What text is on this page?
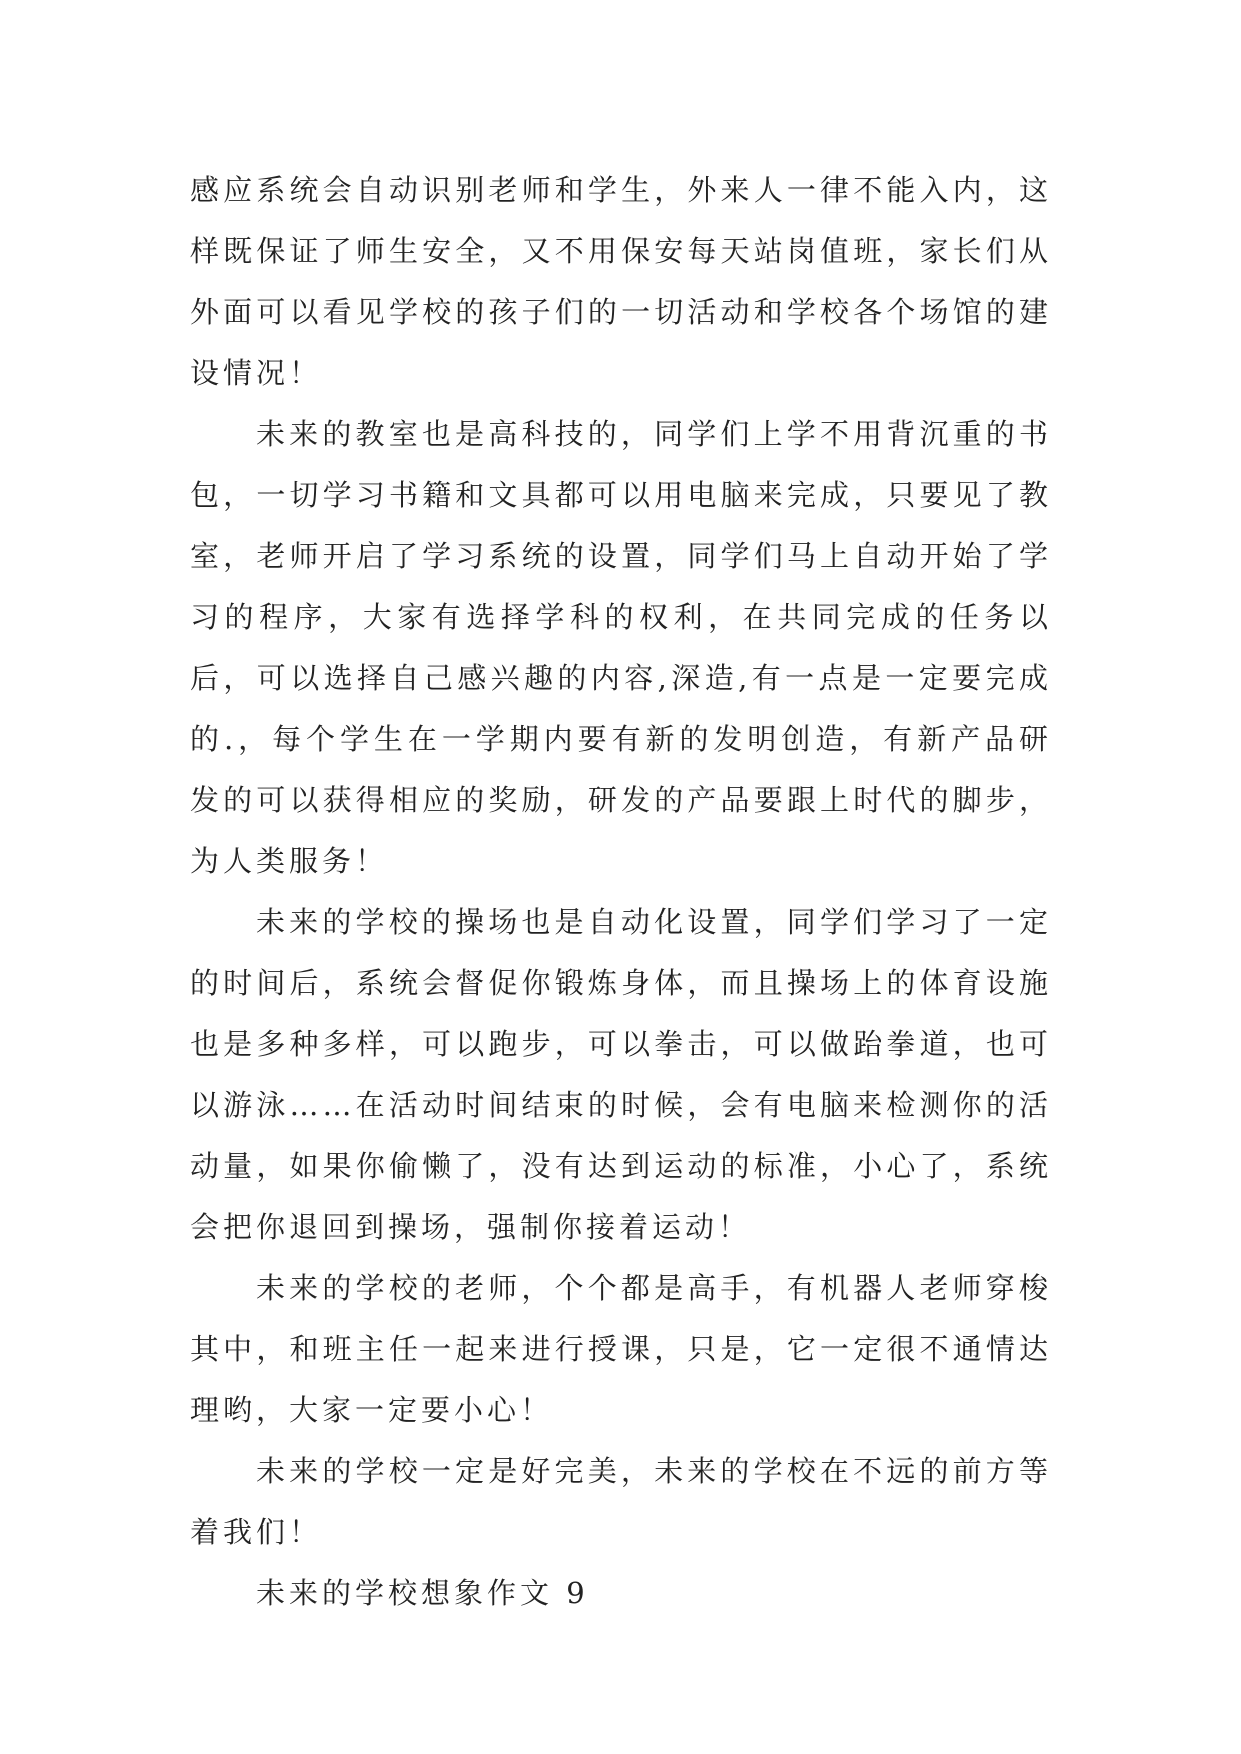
感应系统会自动识别老师和学生，外来人一律不能入内，这样既保证了师生安全，又不用保安每天站岗值班，家长们从外面可以看见学校的孩子们的一切活动和学校各个场馆的建设情况！

未来的教室也是高科技的，同学们上学不用背沉重的书包，一切学习书籍和文具都可以用电脑来完成，只要见了教室，老师开启了学习系统的设置，同学们马上自动开始了学习的程序，大家有选择学科的权利，在共同完成的任务以后，可以选择自己感兴趣的内容,深造,有一点是一定要完成的.，每个学生在一学期内要有新的发明创造，有新产品研发的可以获得相应的奖励，研发的产品要跟上时代的脚步，为人类服务！

未来的学校的操场也是自动化设置，同学们学习了一定的时间后，系统会督促你锻炼身体，而且操场上的体育设施也是多种多样，可以跑步，可以拳击，可以做跆拳道，也可以游泳……在活动时间结束的时候，会有电脑来检测你的活动量，如果你偷懒了，没有达到运动的标准，小心了，系统会把你退回到操场，强制你接着运动！

未来的学校的老师，个个都是高手，有机器人老师穿梭其中，和班主任一起来进行授课，只是，它一定很不通情达理哟，大家一定要小心！

未来的学校一定是好完美，未来的学校在不远的前方等着我们！

未来的学校想象作文 9
